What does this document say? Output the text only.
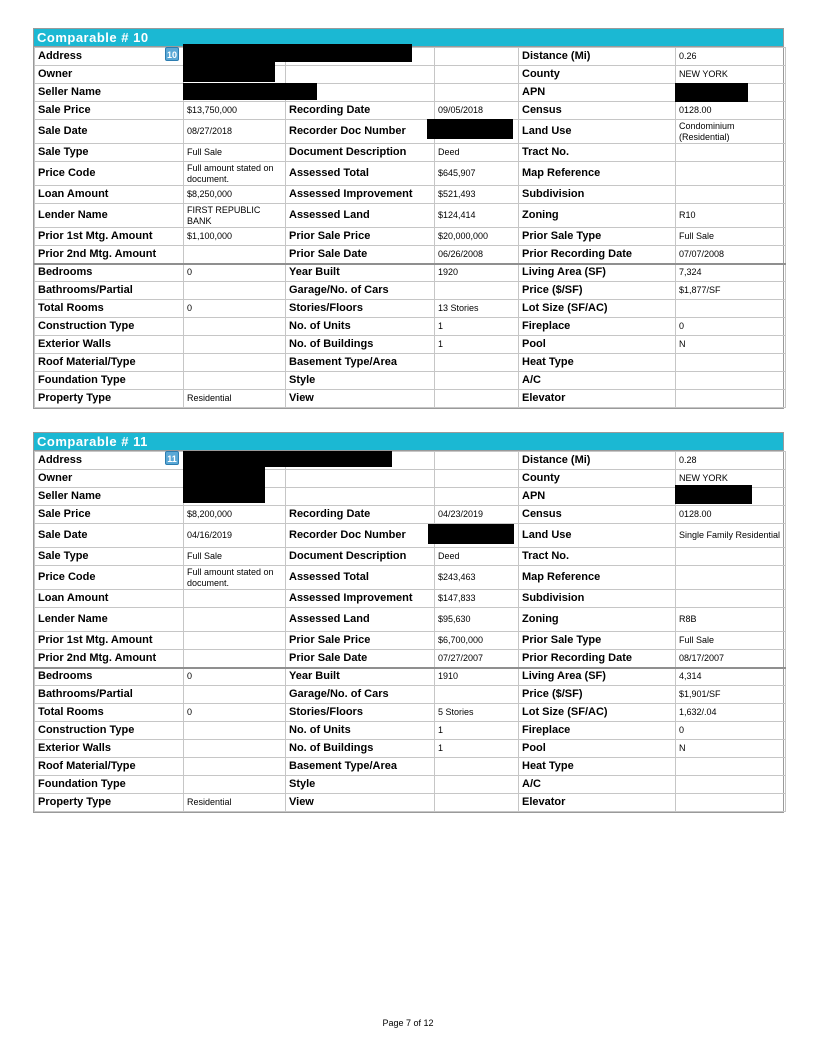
Comparable # 10
Address				Distance (Mi)	0.26
Owner				County	NEW YORK
Seller Name				APN	
Sale Price	$13,750,000	Recording Date	09/05/2018	Census	0128.00
Sale Date	08/27/2018	Recorder Doc Number		Land Use	Condominium (Residential)
Sale Type	Full Sale	Document Description	Deed	Tract No.	
Price Code	Full amount stated on document.	Assessed Total	$645,907	Map Reference	
Loan Amount	$8,250,000	Assessed Improvement	$521,493	Subdivision	
Lender Name	FIRST REPUBLIC BANK	Assessed Land	$124,414	Zoning	R10
Prior 1st Mtg. Amount	$1,100,000	Prior Sale Price	$20,000,000	Prior Sale Type	Full Sale
Prior 2nd Mtg. Amount		Prior Sale Date	06/26/2008	Prior Recording Date	07/07/2008
Bedrooms	0	Year Built	1920	Living Area (SF)	7,324
Bathrooms/Partial		Garage/No. of Cars		Price ($/SF)	$1,877/SF
Total Rooms	0	Stories/Floors	13 Stories	Lot Size (SF/AC)	
Construction Type		No. of Units	1	Fireplace	0
Exterior Walls		No. of Buildings	1	Pool	N
Roof Material/Type		Basement Type/Area		Heat Type	
Foundation Type		Style		A/C	
Property Type	Residential	View		Elevator	
Comparable # 11
Address				Distance (Mi)	0.28
Owner				County	NEW YORK
Seller Name				APN	
Sale Price	$8,200,000	Recording Date	04/23/2019	Census	0128.00
Sale Date	04/16/2019	Recorder Doc Number		Land Use	Single Family Residential
Sale Type	Full Sale	Document Description	Deed	Tract No.	
Price Code	Full amount stated on document.	Assessed Total	$243,463	Map Reference	
Loan Amount		Assessed Improvement	$147,833	Subdivision	
Lender Name		Assessed Land	$95,630	Zoning	R8B
Prior 1st Mtg. Amount		Prior Sale Price	$6,700,000	Prior Sale Type	Full Sale
Prior 2nd Mtg. Amount		Prior Sale Date	07/27/2007	Prior Recording Date	08/17/2007
Bedrooms	0	Year Built	1910	Living Area (SF)	4,314
Bathrooms/Partial		Garage/No. of Cars		Price ($/SF)	$1,901/SF
Total Rooms	0	Stories/Floors	5 Stories	Lot Size (SF/AC)	1,632/.04
Construction Type		No. of Units	1	Fireplace	0
Exterior Walls		No. of Buildings	1	Pool	N
Roof Material/Type		Basement Type/Area		Heat Type	
Foundation Type		Style		A/C	
Property Type	Residential	View		Elevator	
10
11
Page 7 of 12
